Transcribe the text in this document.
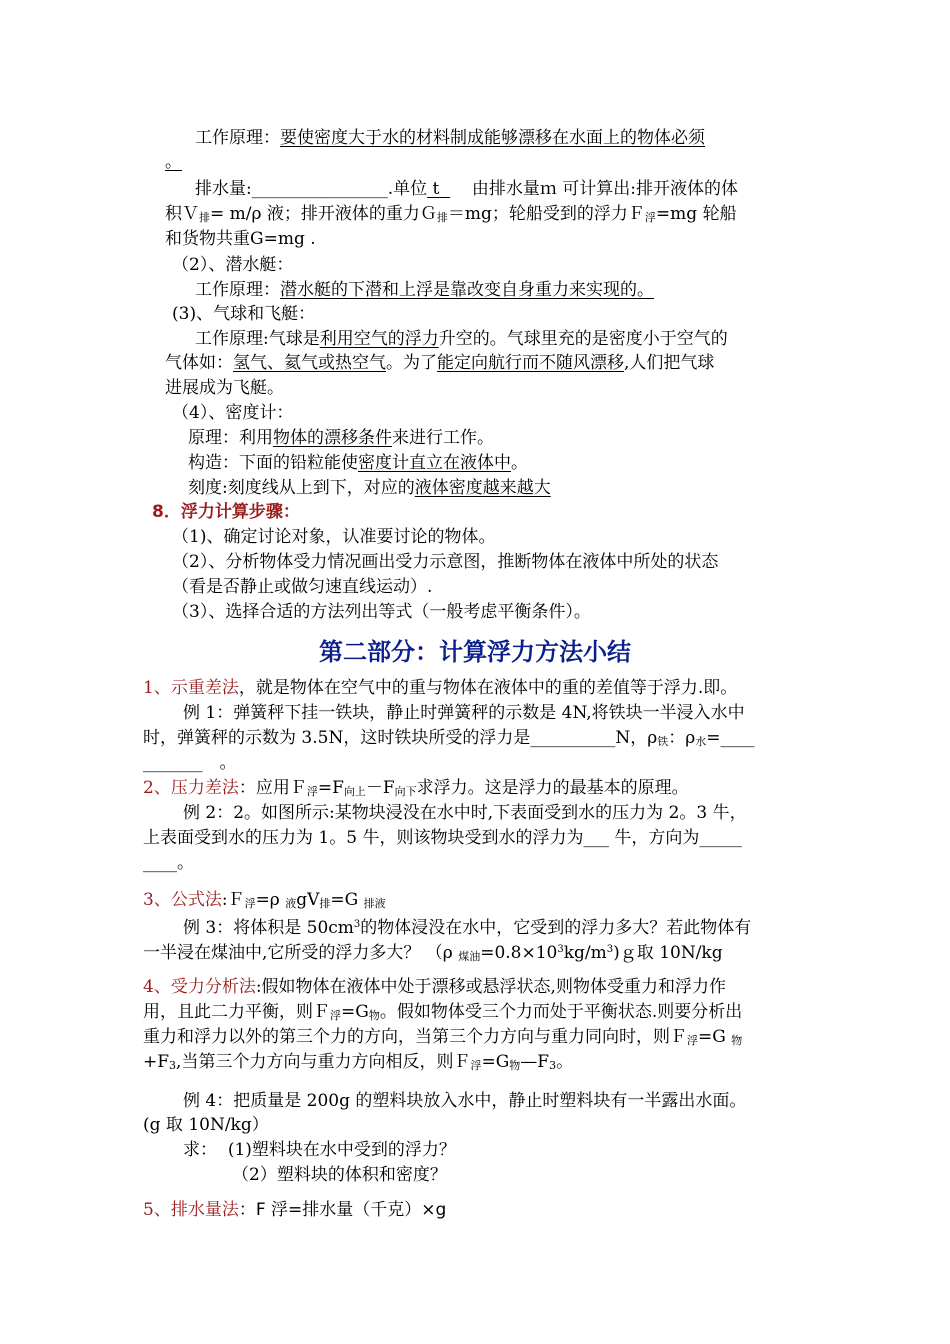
工作原理：要使密度大于水的材料制成能够漂移在水面上的物体必须
。
排水量:________________.单位 t 由排水量ｍ 可计算出:排开液体的体
积Ｖ排= m/ρ 液；排开液体的重力Ｇ排＝mg；轮船受到的浮力Ｆ浮=mg 轮船
和货物共重G=mg .
（2）、潜水艇：
工作原理：潜水艇的下潜和上浮是靠改变自身重力来实现的。
(3)、气球和飞艇：
工作原理:气球是利用空气的浮力升空的。气球里充的是密度小于空气的
气体如：氢气、氦气或热空气。为了能定向航行而不随风漂移,人们把气球
进展成为飞艇。
（4）、密度计：
原理：利用物体的漂移条件来进行工作。
构造：下面的铅粒能使密度计直立在液体中。
刻度:刻度线从上到下，对应的液体密度越来越大
8．浮力计算步骤：
（1)、确定讨论对象，认准要讨论的物体。
（2）、分析物体受力情况画出受力示意图，推断物体在液体中所处的状态
（看是否静止或做匀速直线运动）.
（3）、选择合适的方法列出等式（一般考虑平衡条件）。
第二部分：计算浮力方法小结
1、示重差法，就是物体在空气中的重与物体在液体中的重的差值等于浮力.即。
例 1：弹簧秤下挂一铁块，静止时弹簧秤的示数是 4N,将铁块一半浸入水中
时，弹簧秤的示数为 3.5N，这时铁块所受的浮力是__________N，ρ铁：ρ水=____
_______　。
2、压力差法：应用Ｆ浮=F向上－F向下求浮力。这是浮力的最基本的原理。
例 2：2。如图所示:某物块浸没在水中时,下表面受到水的压力为 2。3 牛，
上表面受到水的压力为 1。5 牛，则该物块受到水的浮力为___ 牛，方向为_____
____。
3、公式法:Ｆ浮=ρ 液gV排=G 排液
例 3：将体积是 $50cm^3$的物体浸没在水中，它受到的浮力多大？若此物体有
一半浸在煤油中,它所受的浮力多大？ （ρ 煤油$=0.8\times 10^3kg/m^3)g$取 10N/kg
4、受力分析法:假如物体在液体中处于漂移或悬浮状态,则物体受重力和浮力作
用，且此二力平衡，则Ｆ浮=G物。假如物体受三个力而处于平衡状态.则要分析出
重力和浮力以外的第三个力的方向，当第三个力方向与重力同向时，则Ｆ浮=G 物
+F3,当第三个力方向与重力方向相反，则Ｆ浮=G物—F3。
例 4：把质量是 200g 的塑料块放入水中，静止时塑料块有一半露出水面。
(g 取 10N/kg）
求： (1)塑料块在水中受到的浮力？
（2）塑料块的体积和密度？
5、排水量法：F 浮=排水量（千克）×g
